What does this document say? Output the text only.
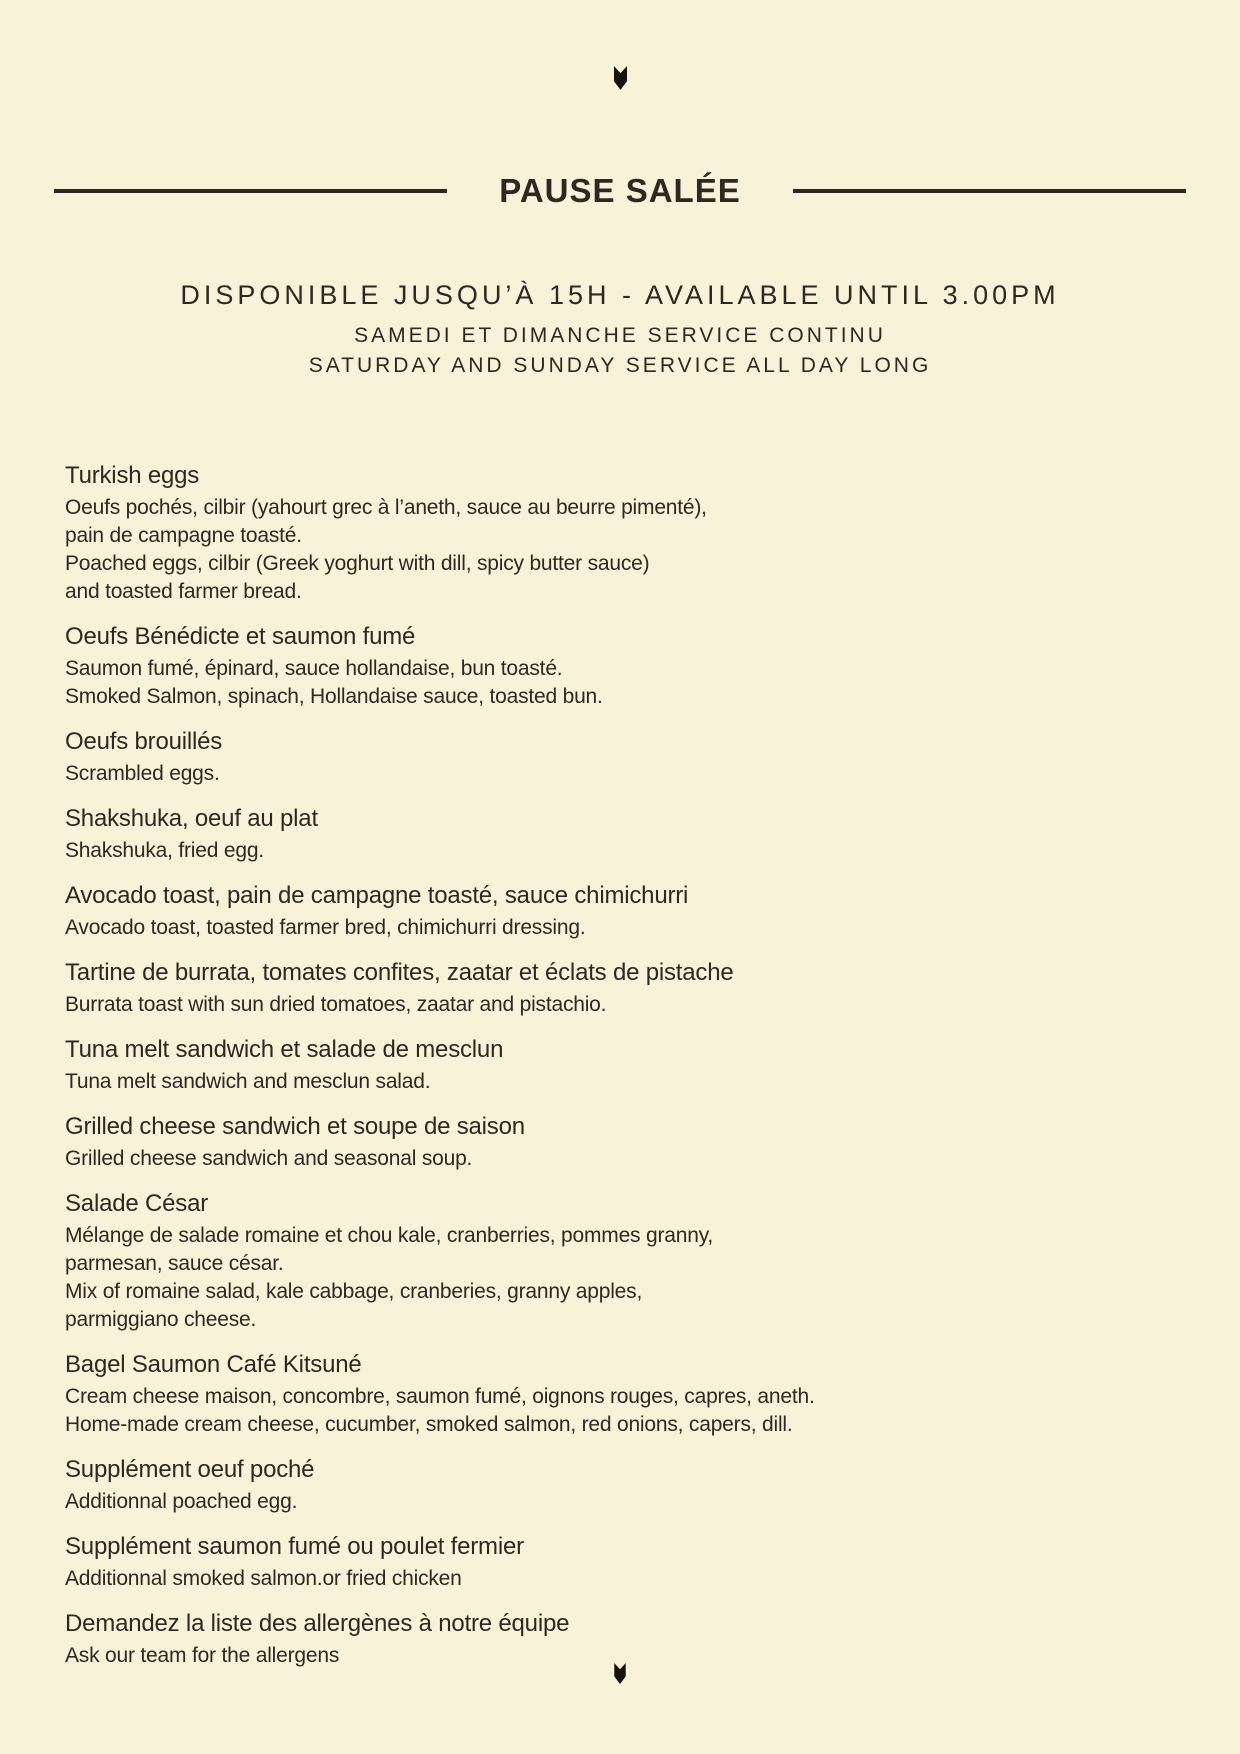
PAUSE SALÉE
DISPONIBLE JUSQU’À 15H - AVAILABLE UNTIL 3.00PM
SAMEDI ET DIMANCHE SERVICE CONTINU
SATURDAY AND SUNDAY SERVICE ALL DAY LONG
Turkish eggs
Oeufs pochés, cilbir (yahourt grec à l’aneth, sauce au beurre pimenté),
pain de campagne toasté.
Poached eggs, cilbir (Greek yoghurt with dill, spicy butter sauce)
and toasted farmer bread.
Oeufs Bénédicte et saumon fumé
Saumon fumé, épinard, sauce hollandaise, bun toasté.
Smoked Salmon, spinach, Hollandaise sauce, toasted bun.
Oeufs brouillés
Scrambled eggs.
Shakshuka, oeuf au plat
Shakshuka, fried egg.
Avocado toast, pain de campagne toasté, sauce chimichurri
Avocado toast, toasted farmer bred, chimichurri dressing.
Tartine de burrata, tomates confites, zaatar et éclats de pistache
Burrata toast with sun dried tomatoes, zaatar and pistachio.
Tuna melt sandwich et salade de mesclun
Tuna melt sandwich and mesclun salad.
Grilled cheese sandwich et soupe de saison
Grilled cheese sandwich and seasonal soup.
Salade César
Mélange de salade romaine et chou kale, cranberries, pommes granny,
parmesan, sauce césar.
Mix of romaine salad, kale cabbage, cranberies, granny apples,
parmiggiano cheese.
Bagel Saumon Café Kitsuné
Cream cheese maison, concombre, saumon fumé, oignons rouges, capres, aneth.
Home-made cream cheese, cucumber, smoked salmon, red onions, capers, dill.
Supplément oeuf poché
Additionnal poached egg.
Supplément saumon fumé ou poulet fermier
Additionnal smoked salmon.or fried chicken
Demandez la liste des allergènes à notre équipe
Ask our team for the allergens
